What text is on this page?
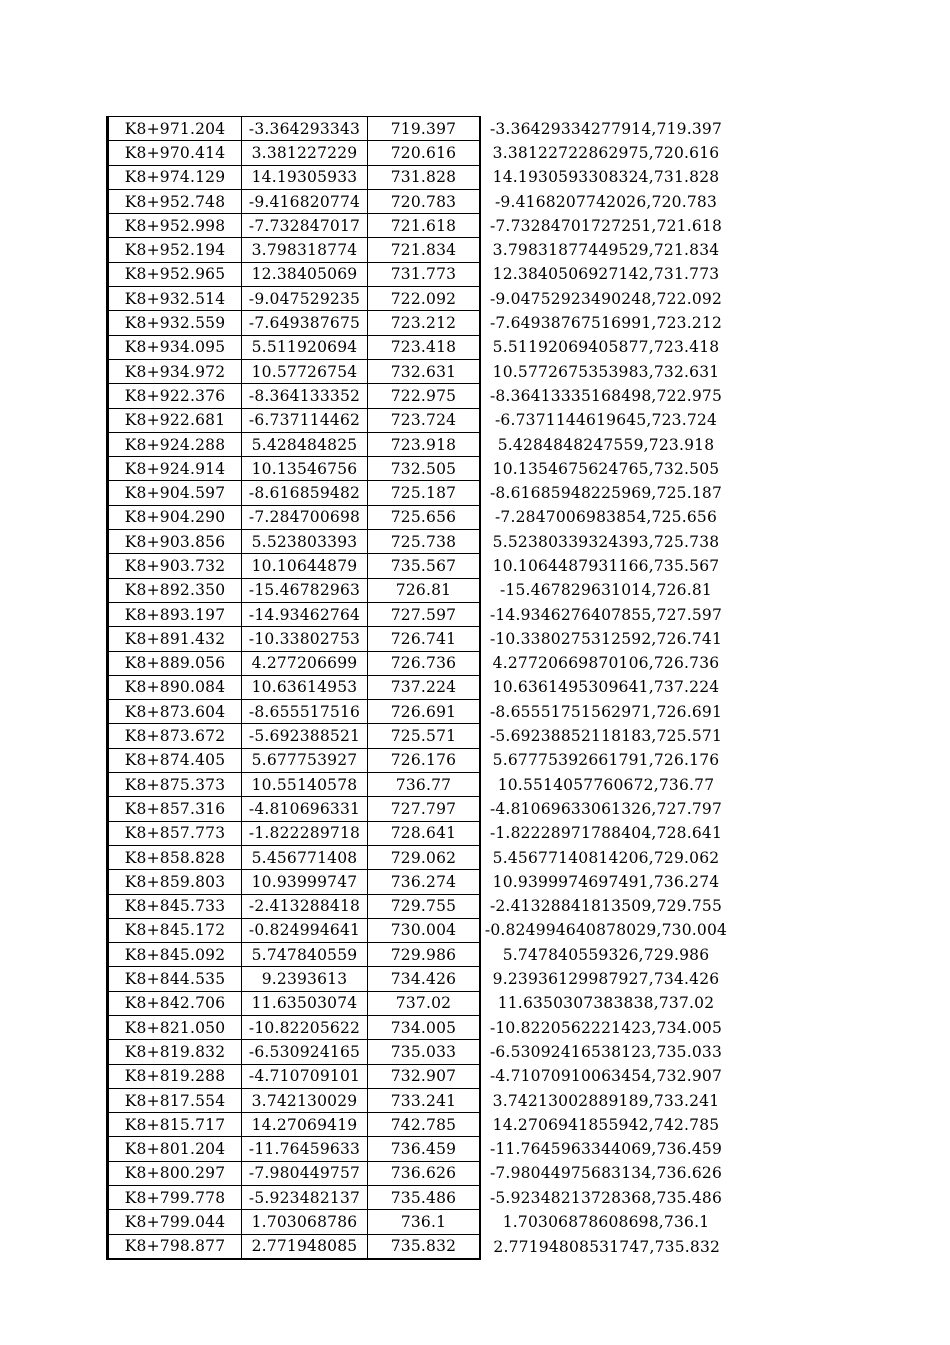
K8+971.204	-3.364293343	719.397	-3.36429334277914,719.397
K8+970.414	3.381227229	720.616	3.38122722862975,720.616
K8+974.129	14.19305933	731.828	14.1930593308324,731.828
K8+952.748	-9.416820774	720.783	-9.4168207742026,720.783
K8+952.998	-7.732847017	721.618	-7.73284701727251,721.618
K8+952.194	3.798318774	721.834	3.79831877449529,721.834
K8+952.965	12.38405069	731.773	12.3840506927142,731.773
K8+932.514	-9.047529235	722.092	-9.04752923490248,722.092
K8+932.559	-7.649387675	723.212	-7.64938767516991,723.212
K8+934.095	5.511920694	723.418	5.51192069405877,723.418
K8+934.972	10.57726754	732.631	10.5772675353983,732.631
K8+922.376	-8.364133352	722.975	-8.36413335168498,722.975
K8+922.681	-6.737114462	723.724	-6.7371144619645,723.724
K8+924.288	5.428484825	723.918	5.4284848247559,723.918
K8+924.914	10.13546756	732.505	10.1354675624765,732.505
K8+904.597	-8.616859482	725.187	-8.61685948225969,725.187
K8+904.290	-7.284700698	725.656	-7.2847006983854,725.656
K8+903.856	5.523803393	725.738	5.52380339324393,725.738
K8+903.732	10.10644879	735.567	10.1064487931166,735.567
K8+892.350	-15.46782963	726.81	-15.467829631014,726.81
K8+893.197	-14.93462764	727.597	-14.9346276407855,727.597
K8+891.432	-10.33802753	726.741	-10.3380275312592,726.741
K8+889.056	4.277206699	726.736	4.27720669870106,726.736
K8+890.084	10.63614953	737.224	10.6361495309641,737.224
K8+873.604	-8.655517516	726.691	-8.65551751562971,726.691
K8+873.672	-5.692388521	725.571	-5.69238852118183,725.571
K8+874.405	5.677753927	726.176	5.67775392661791,726.176
K8+875.373	10.55140578	736.77	10.5514057760672,736.77
K8+857.316	-4.810696331	727.797	-4.81069633061326,727.797
K8+857.773	-1.822289718	728.641	-1.82228971788404,728.641
K8+858.828	5.456771408	729.062	5.45677140814206,729.062
K8+859.803	10.93999747	736.274	10.9399974697491,736.274
K8+845.733	-2.413288418	729.755	-2.41328841813509,729.755
K8+845.172	-0.824994641	730.004	-0.824994640878029,730.004
K8+845.092	5.747840559	729.986	5.747840559326,729.986
K8+844.535	9.2393613	734.426	9.23936129987927,734.426
K8+842.706	11.63503074	737.02	11.6350307383838,737.02
K8+821.050	-10.82205622	734.005	-10.8220562221423,734.005
K8+819.832	-6.530924165	735.033	-6.53092416538123,735.033
K8+819.288	-4.710709101	732.907	-4.71070910063454,732.907
K8+817.554	3.742130029	733.241	3.74213002889189,733.241
K8+815.717	14.27069419	742.785	14.2706941855942,742.785
K8+801.204	-11.76459633	736.459	-11.7645963344069,736.459
K8+800.297	-7.980449757	736.626	-7.98044975683134,736.626
K8+799.778	-5.923482137	735.486	-5.92348213728368,735.486
K8+799.044	1.703068786	736.1	1.70306878608698,736.1
K8+798.877	2.771948085	735.832	2.77194808531747,735.832
